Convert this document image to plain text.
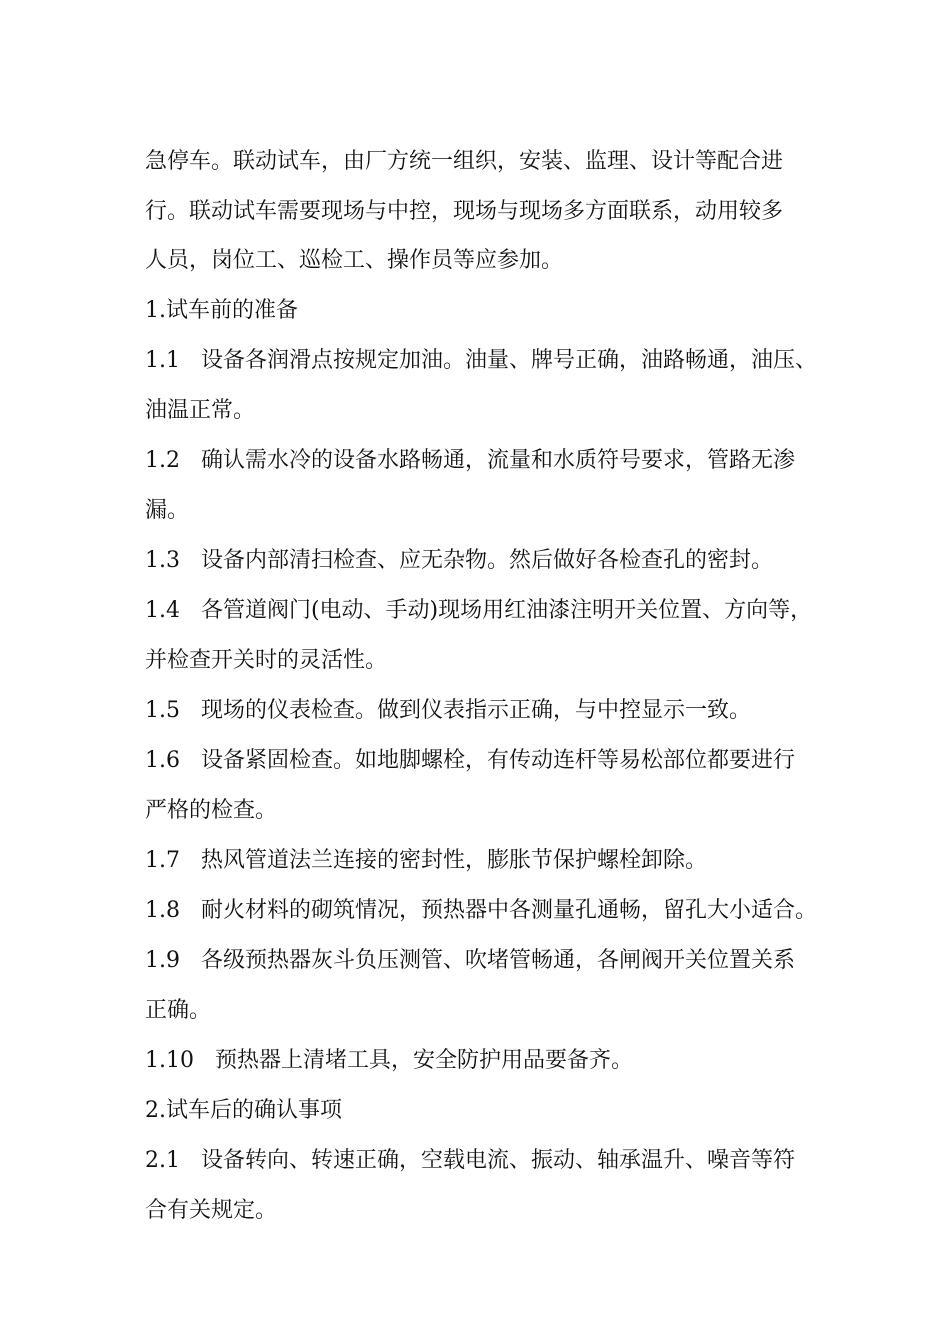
急停车。联动试车，由厂方统一组织，安装、监理、设计等配合进
行。联动试车需要现场与中控，现场与现场多方面联系，动用较多
人员，岗位工、巡检工、操作员等应参加。
1.试车前的准备
1.1   设备各润滑点按规定加油。油量、牌号正确，油路畅通，油压、
油温正常。
1.2   确认需水冷的设备水路畅通，流量和水质符号要求，管路无渗
漏。
1.3   设备内部清扫检查、应无杂物。然后做好各检查孔的密封。
1.4   各管道阀门(电动、手动)现场用红油漆注明开关位置、方向等，
并检查开关时的灵活性。
1.5   现场的仪表检查。做到仪表指示正确，与中控显示一致。
1.6   设备紧固检查。如地脚螺栓，有传动连杆等易松部位都要进行
严格的检查。
1.7   热风管道法兰连接的密封性，膨胀节保护螺栓卸除。
1.8   耐火材料的砌筑情况，预热器中各测量孔通畅，留孔大小适合。
1.9   各级预热器灰斗负压测管、吹堵管畅通，各闸阀开关位置关系
正确。
1.10   预热器上清堵工具，安全防护用品要备齐。
2.试车后的确认事项
2.1   设备转向、转速正确，空载电流、振动、轴承温升、噪音等符
合有关规定。
